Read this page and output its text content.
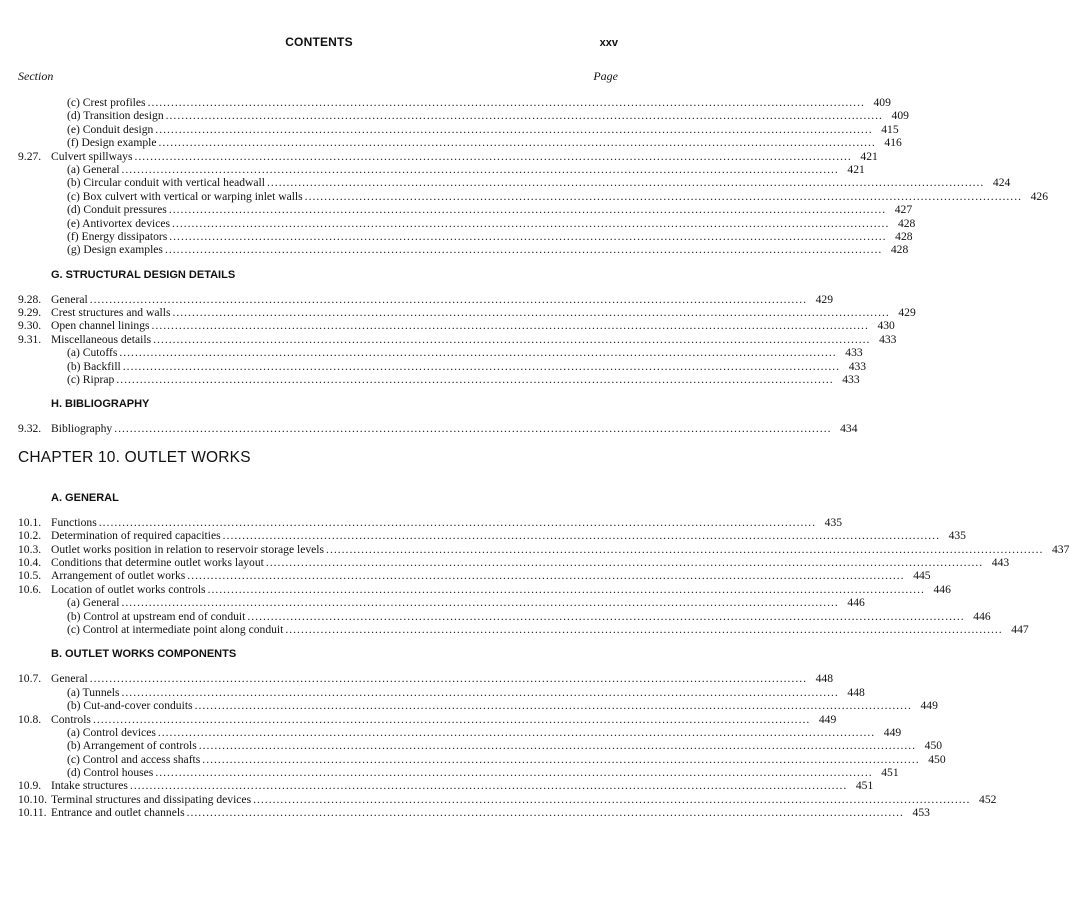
CONTENTS	xxv
Section	Page
(c) Crest profiles .....	409
(d) Transition design .....	409
(e) Conduit design .....	415
(f) Design example .....	416
9.27. Culvert spillways .....	421
(a) General .....	421
(b) Circular conduit with vertical headwall .....	424
(c) Box culvert with vertical or warping inlet walls .....	426
(d) Conduit pressures .....	427
(e) Antivortex devices .....	428
(f) Energy dissipators .....	428
(g) Design examples .....	428
G. STRUCTURAL DESIGN DETAILS
9.28. General .....	429
9.29. Crest structures and walls .....	429
9.30. Open channel linings .....	430
9.31. Miscellaneous details .....	433
(a) Cutoffs .....	433
(b) Backfill .....	433
(c) Riprap .....	433
H. BIBLIOGRAPHY
9.32. Bibliography .....	434
CHAPTER 10. OUTLET WORKS
A. GENERAL
10.1. Functions .....	435
10.2. Determination of required capacities .....	435
10.3. Outlet works position in relation to reservoir storage levels .....	437
10.4. Conditions that determine outlet works layout .....	443
10.5. Arrangement of outlet works .....	445
10.6. Location of outlet works controls .....	446
(a) General .....	446
(b) Control at upstream end of conduit .....	446
(c) Control at intermediate point along conduit .....	447
B. OUTLET WORKS COMPONENTS
10.7. General .....	448
(a) Tunnels .....	448
(b) Cut-and-cover conduits .....	449
10.8. Controls .....	449
(a) Control devices .....	449
(b) Arrangement of controls .....	450
(c) Control and access shafts .....	450
(d) Control houses .....	451
10.9. Intake structures .....	451
10.10. Terminal structures and dissipating devices .....	452
10.11. Entrance and outlet channels .....	453
